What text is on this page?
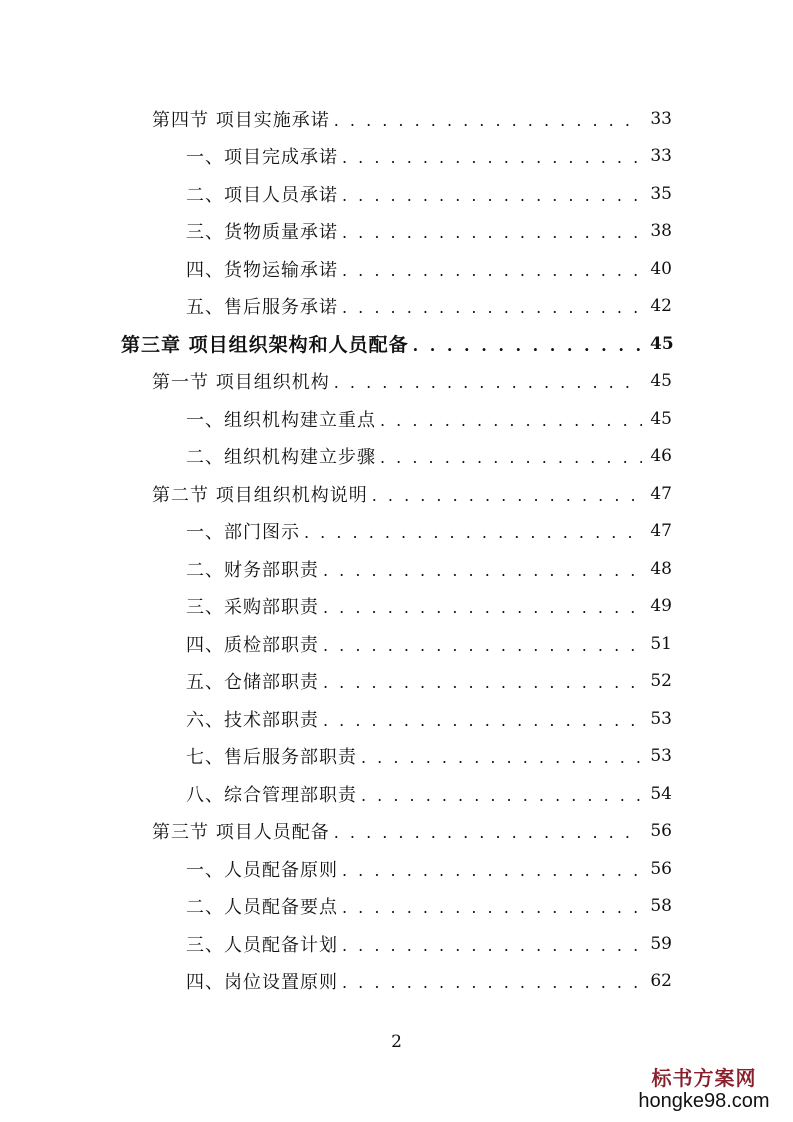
第四节 项目实施承诺 . . .	33
一、项目完成承诺 . . .	33
二、项目人员承诺 . . .	35
三、货物质量承诺 . . .	38
四、货物运输承诺 . . .	40
五、售后服务承诺 . . .	42
第三章 项目组织架构和人员配备 . . .	45
第一节 项目组织机构 . . .	45
一、组织机构建立重点 . . .	45
二、组织机构建立步骤 . . .	46
第二节 项目组织机构说明 . . .	47
一、部门图示 . . .	47
二、财务部职责 . . .	48
三、采购部职责 . . .	49
四、质检部职责 . . .	51
五、仓储部职责 . . .	52
六、技术部职责 . . .	53
七、售后服务部职责 . . .	53
八、综合管理部职责 . . .	54
第三节 项目人员配备 . . .	56
一、人员配备原则 . . .	56
二、人员配备要点 . . .	58
三、人员配备计划 . . .	59
四、岗位设置原则 . . .	62
2
标书方案网
hongke98.com
